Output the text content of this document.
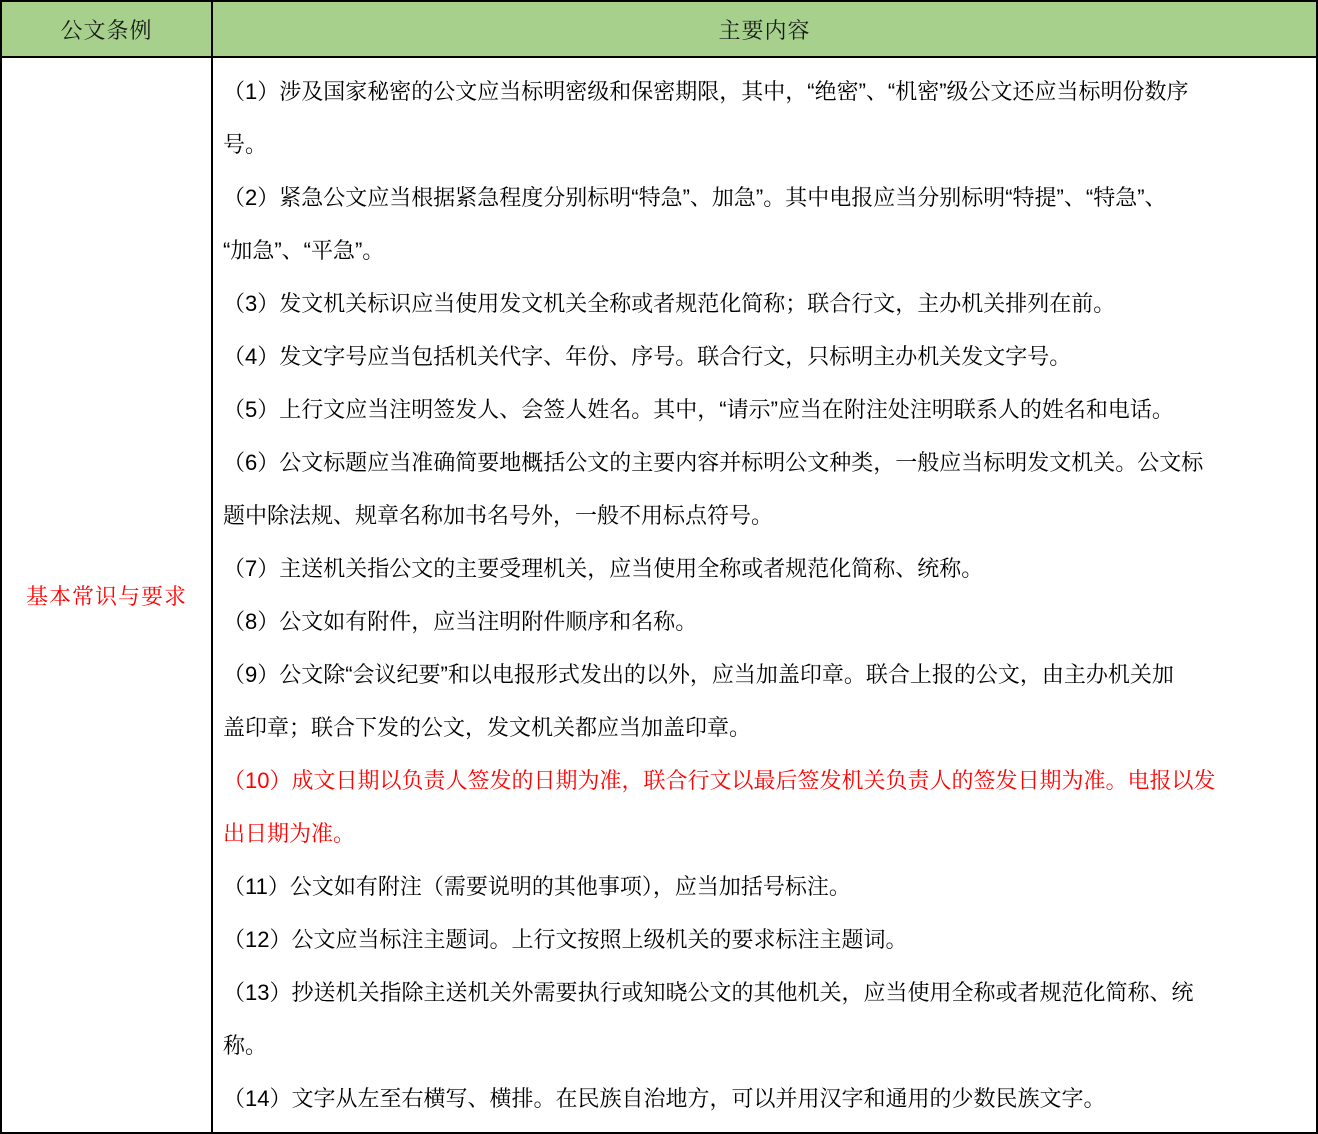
公文条例	主要内容
基本常识与要求

（1）涉及国家秘密的公文应当标明密级和保密期限，其中，“绝密”、“机密”级公文还应当标明份数序
号。

（2）紧急公文应当根据紧急程度分别标明“特急”、加急”。其中电报应当分别标明“特提”、“特急”、
“加急”、“平急”。

（3）发文机关标识应当使用发文机关全称或者规范化简称；联合行文，主办机关排列在前。

（4）发文字号应当包括机关代字、年份、序号。联合行文，只标明主办机关发文字号。

（5）上行文应当注明签发人、会签人姓名。其中，“请示”应当在附注处注明联系人的姓名和电话。

（6）公文标题应当准确简要地概括公文的主要内容并标明公文种类，一般应当标明发文机关。公文标
题中除法规、规章名称加书名号外，一般不用标点符号。

（7）主送机关指公文的主要受理机关，应当使用全称或者规范化简称、统称。

（8）公文如有附件，应当注明附件顺序和名称。

（9）公文除“会议纪要”和以电报形式发出的以外，应当加盖印章。联合上报的公文，由主办机关加
盖印章；联合下发的公文，发文机关都应当加盖印章。

（10）成文日期以负责人签发的日期为准，联合行文以最后签发机关负责人的签发日期为准。电报以发
出日期为准。

（11）公文如有附注（需要说明的其他事项），应当加括号标注。

（12）公文应当标注主题词。上行文按照上级机关的要求标注主题词。

（13）抄送机关指除主送机关外需要执行或知晓公文的其他机关，应当使用全称或者规范化简称、统
称。

（14）文字从左至右横写、横排。在民族自治地方，可以并用汉字和通用的少数民族文字。
